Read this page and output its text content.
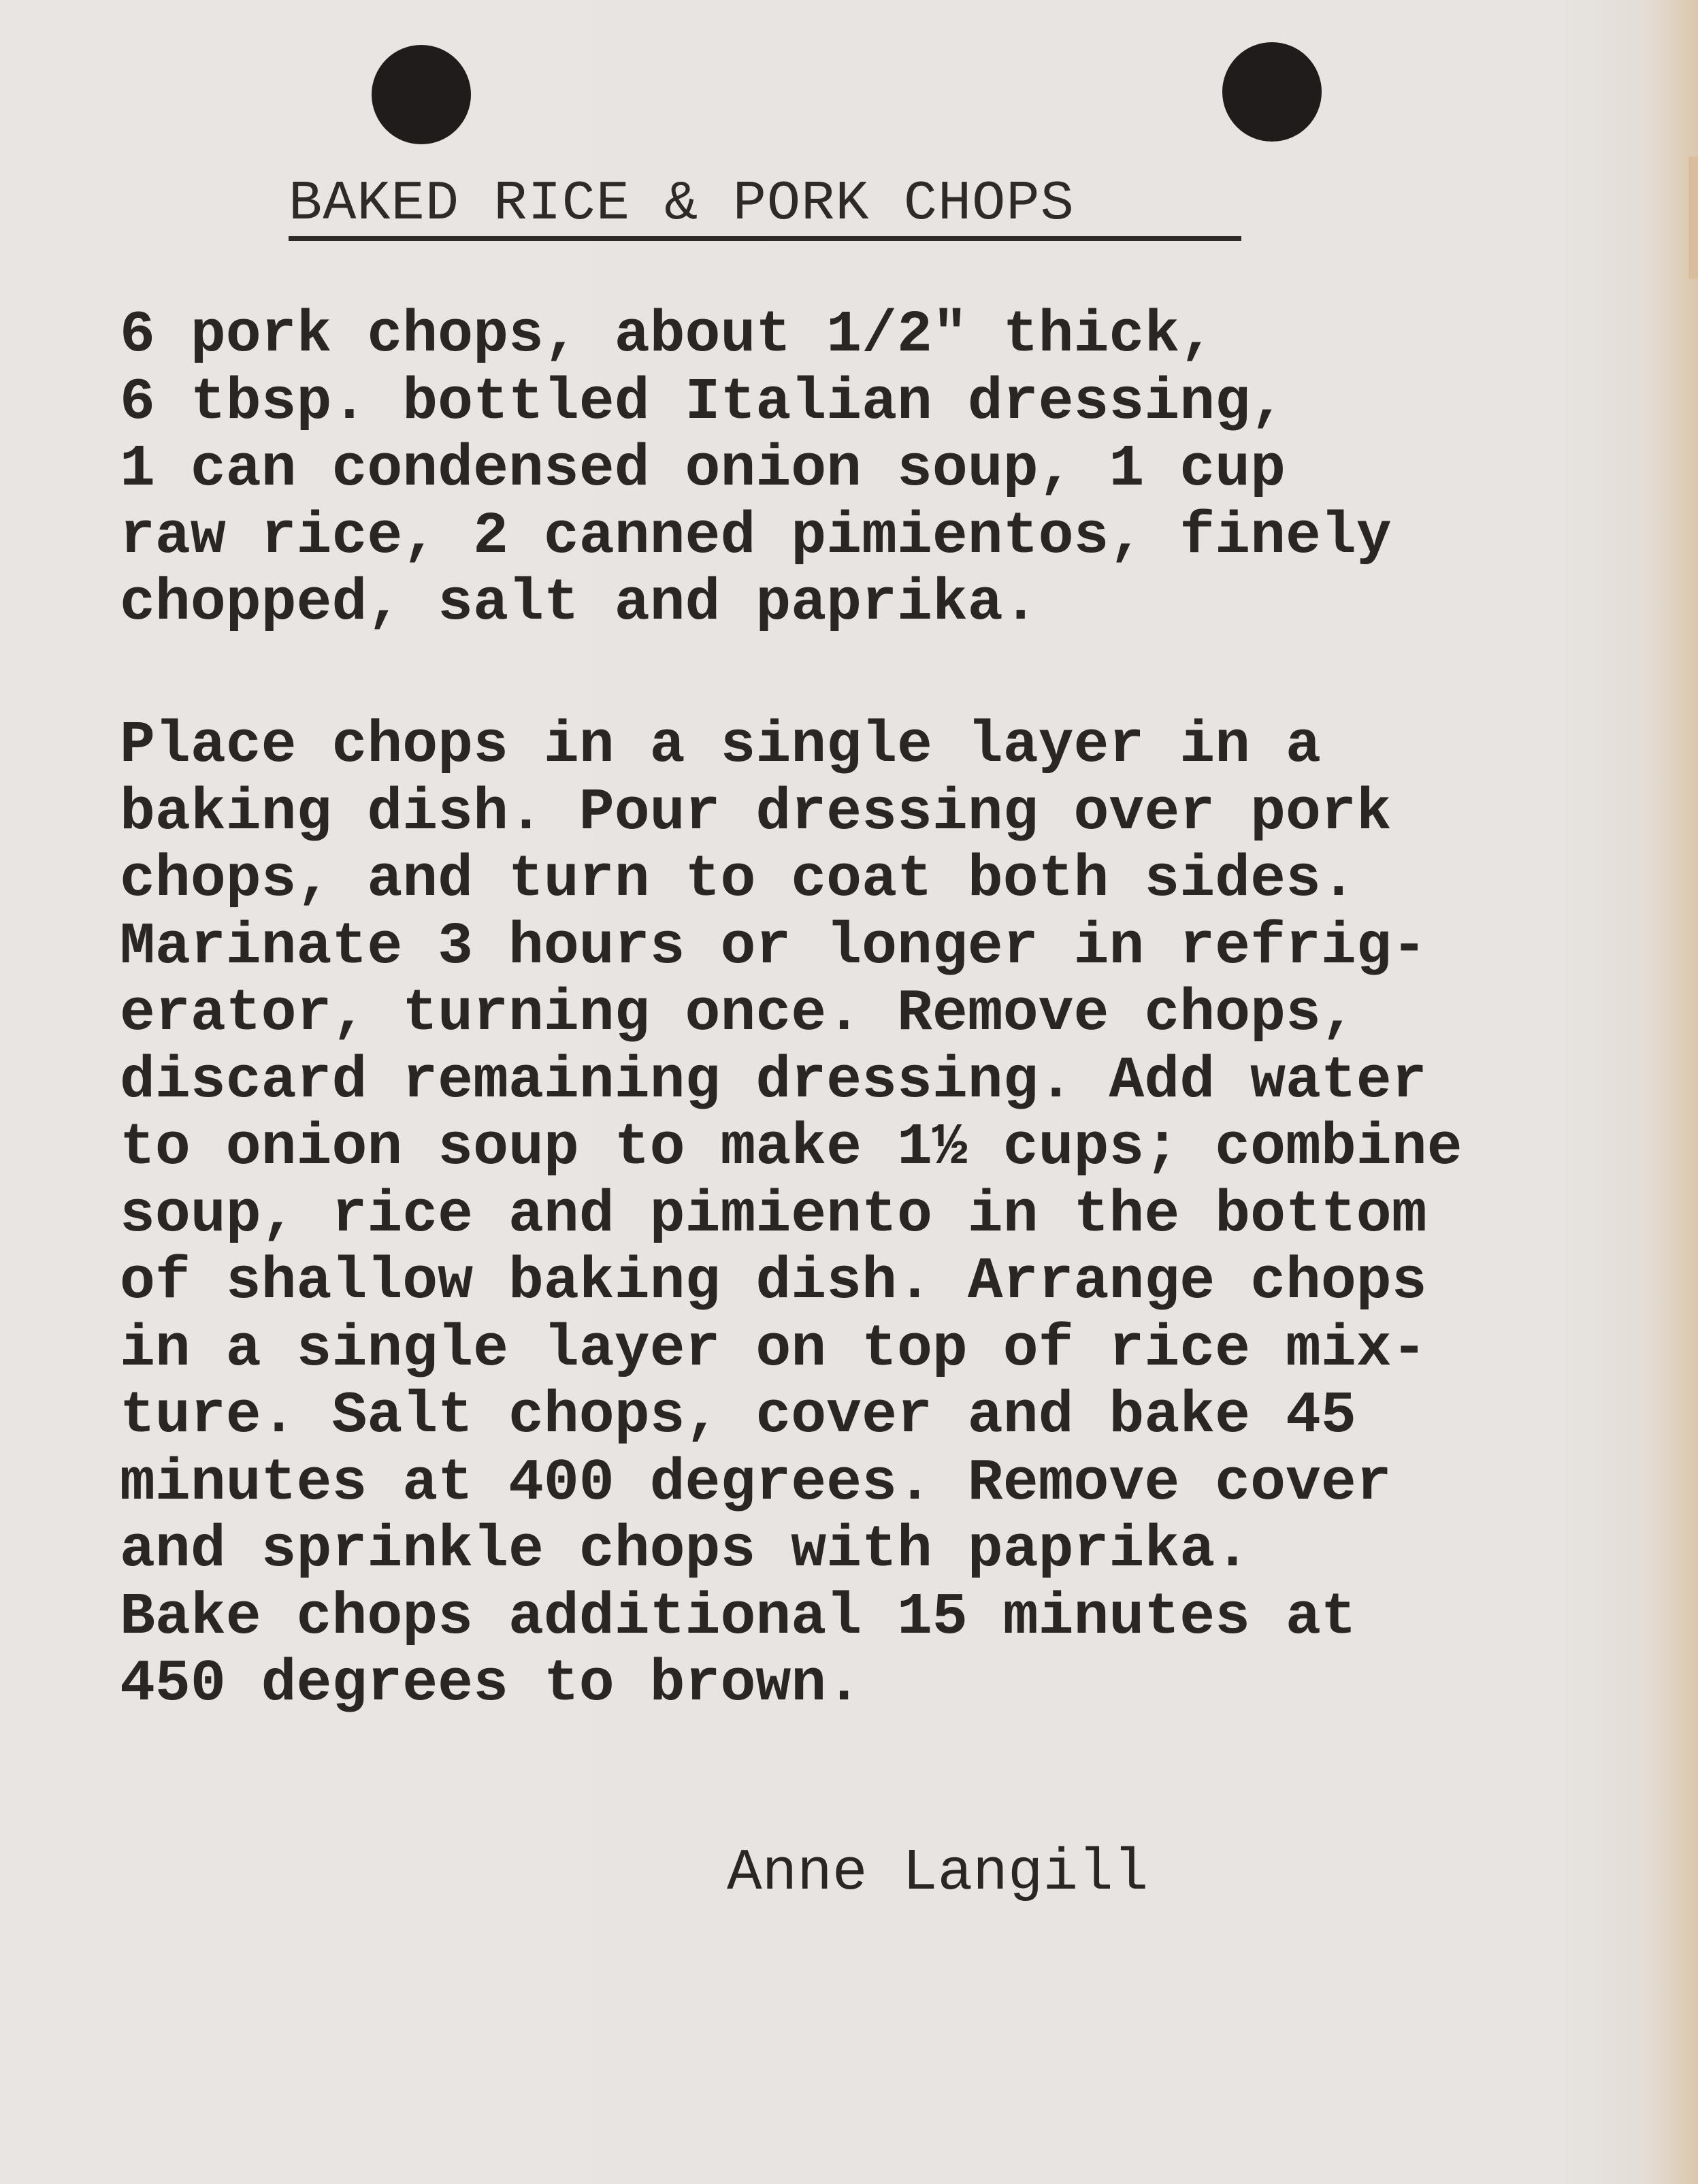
BAKED RICE & PORK CHOPS
6 pork chops, about 1/2" thick,
6 tbsp. bottled Italian dressing,
1 can condensed onion soup, 1 cup
raw rice, 2 canned pimientos, finely
chopped, salt and paprika.
Place chops in a single layer in a
baking dish. Pour dressing over pork
chops, and turn to coat both sides.
Marinate 3 hours or longer in refrig-
erator, turning once. Remove chops,
discard remaining dressing. Add water
to onion soup to make 1½ cups; combine
soup, rice and pimiento in the bottom
of shallow baking dish. Arrange chops
in a single layer on top of rice mix-
ture. Salt chops, cover and bake 45
minutes at 400 degrees. Remove cover
and sprinkle chops with paprika.
Bake chops additional 15 minutes at
450 degrees to brown.
Anne Langill
